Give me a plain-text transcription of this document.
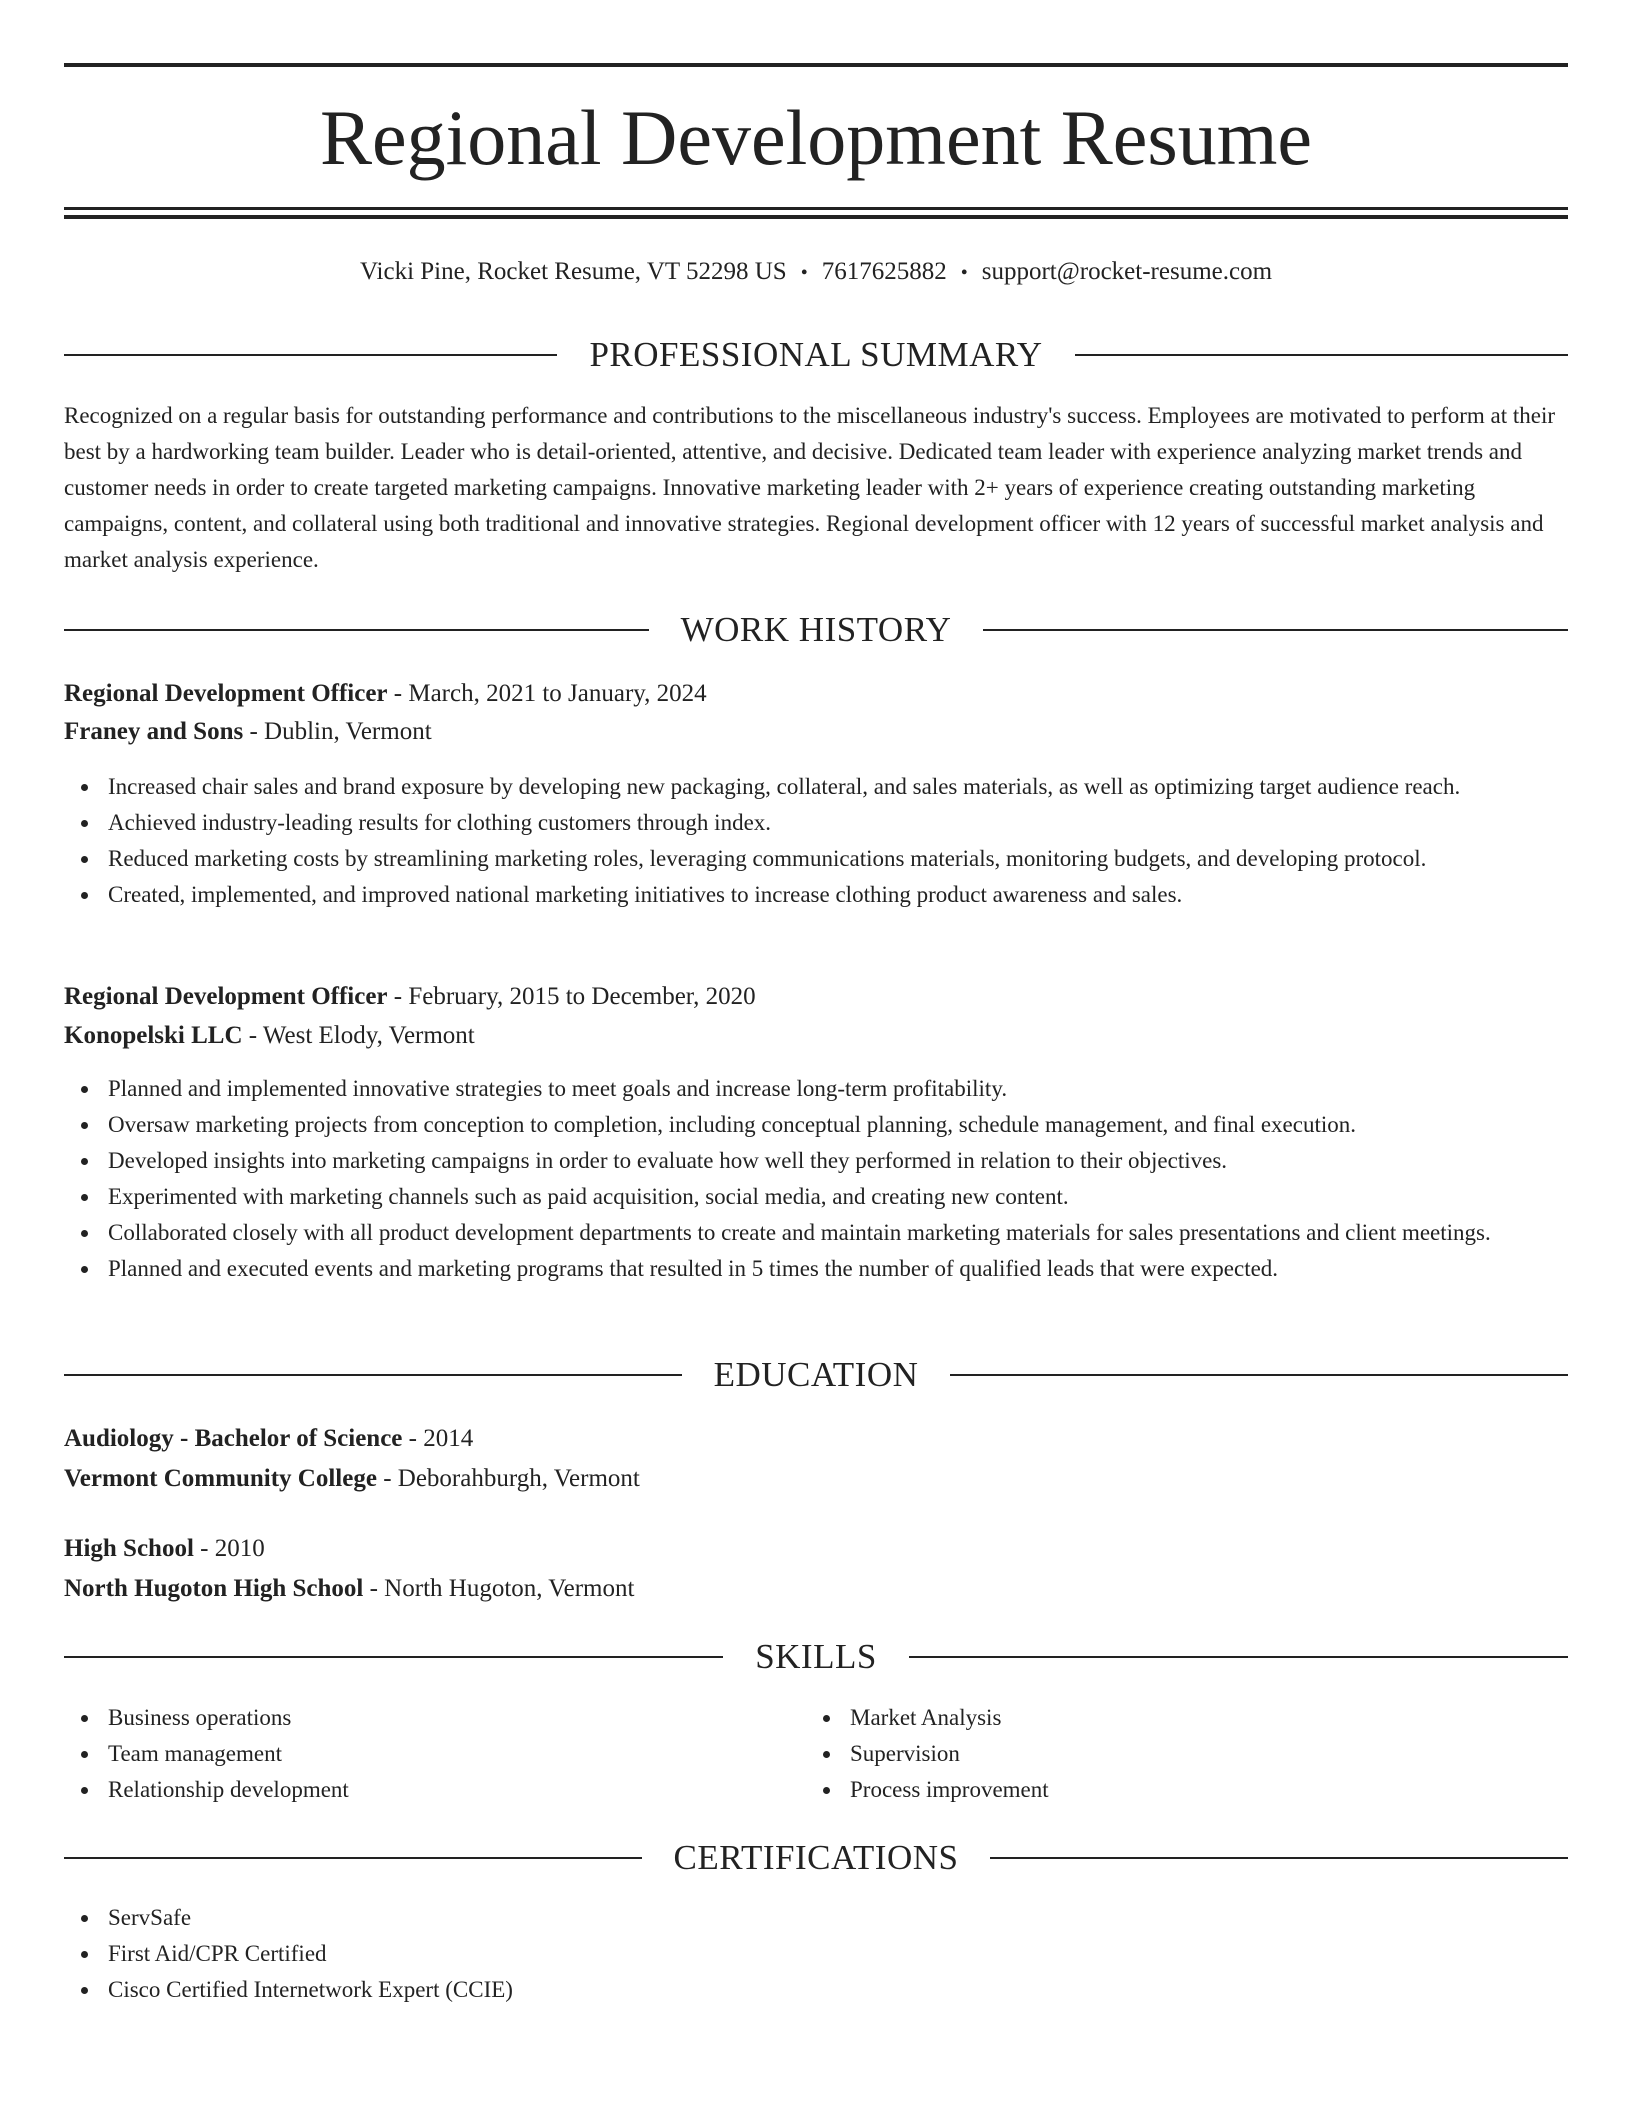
Regional Development Resume
Vicki Pine, Rocket Resume, VT 52298 US • 7617625882 • support@rocket-resume.com
PROFESSIONAL SUMMARY

Recognized on a regular basis for outstanding performance and contributions to the miscellaneous industry's success. Employees are motivated to perform at their best by a hardworking team builder. Leader who is detail-oriented, attentive, and decisive. Dedicated team leader with experience analyzing market trends and customer needs in order to create targeted marketing campaigns. Innovative marketing leader with 2+ years of experience creating outstanding marketing campaigns, content, and collateral using both traditional and innovative strategies. Regional development officer with 12 years of successful market analysis and market analysis experience.

WORK HISTORY
Regional Development Officer - March, 2021 to January, 2024
Franey and Sons - Dublin, Vermont
Increased chair sales and brand exposure by developing new packaging, collateral, and sales materials, as well as optimizing target audience reach.
Achieved industry-leading results for clothing customers through index.
Reduced marketing costs by streamlining marketing roles, leveraging communications materials, monitoring budgets, and developing protocol.
Created, implemented, and improved national marketing initiatives to increase clothing product awareness and sales.
Regional Development Officer - February, 2015 to December, 2020
Konopelski LLC - West Elody, Vermont
Planned and implemented innovative strategies to meet goals and increase long-term profitability.
Oversaw marketing projects from conception to completion, including conceptual planning, schedule management, and final execution.
Developed insights into marketing campaigns in order to evaluate how well they performed in relation to their objectives.
Experimented with marketing channels such as paid acquisition, social media, and creating new content.
Collaborated closely with all product development departments to create and maintain marketing materials for sales presentations and client meetings.
Planned and executed events and marketing programs that resulted in 5 times the number of qualified leads that were expected.
EDUCATION
Audiology - Bachelor of Science - 2014
Vermont Community College - Deborahburgh, Vermont
High School - 2010
North Hugoton High School - North Hugoton, Vermont
SKILLS
Business operations
Team management
Relationship development
Market Analysis
Supervision
Process improvement
CERTIFICATIONS
ServSafe
First Aid/CPR Certified
Cisco Certified Internetwork Expert (CCIE)
